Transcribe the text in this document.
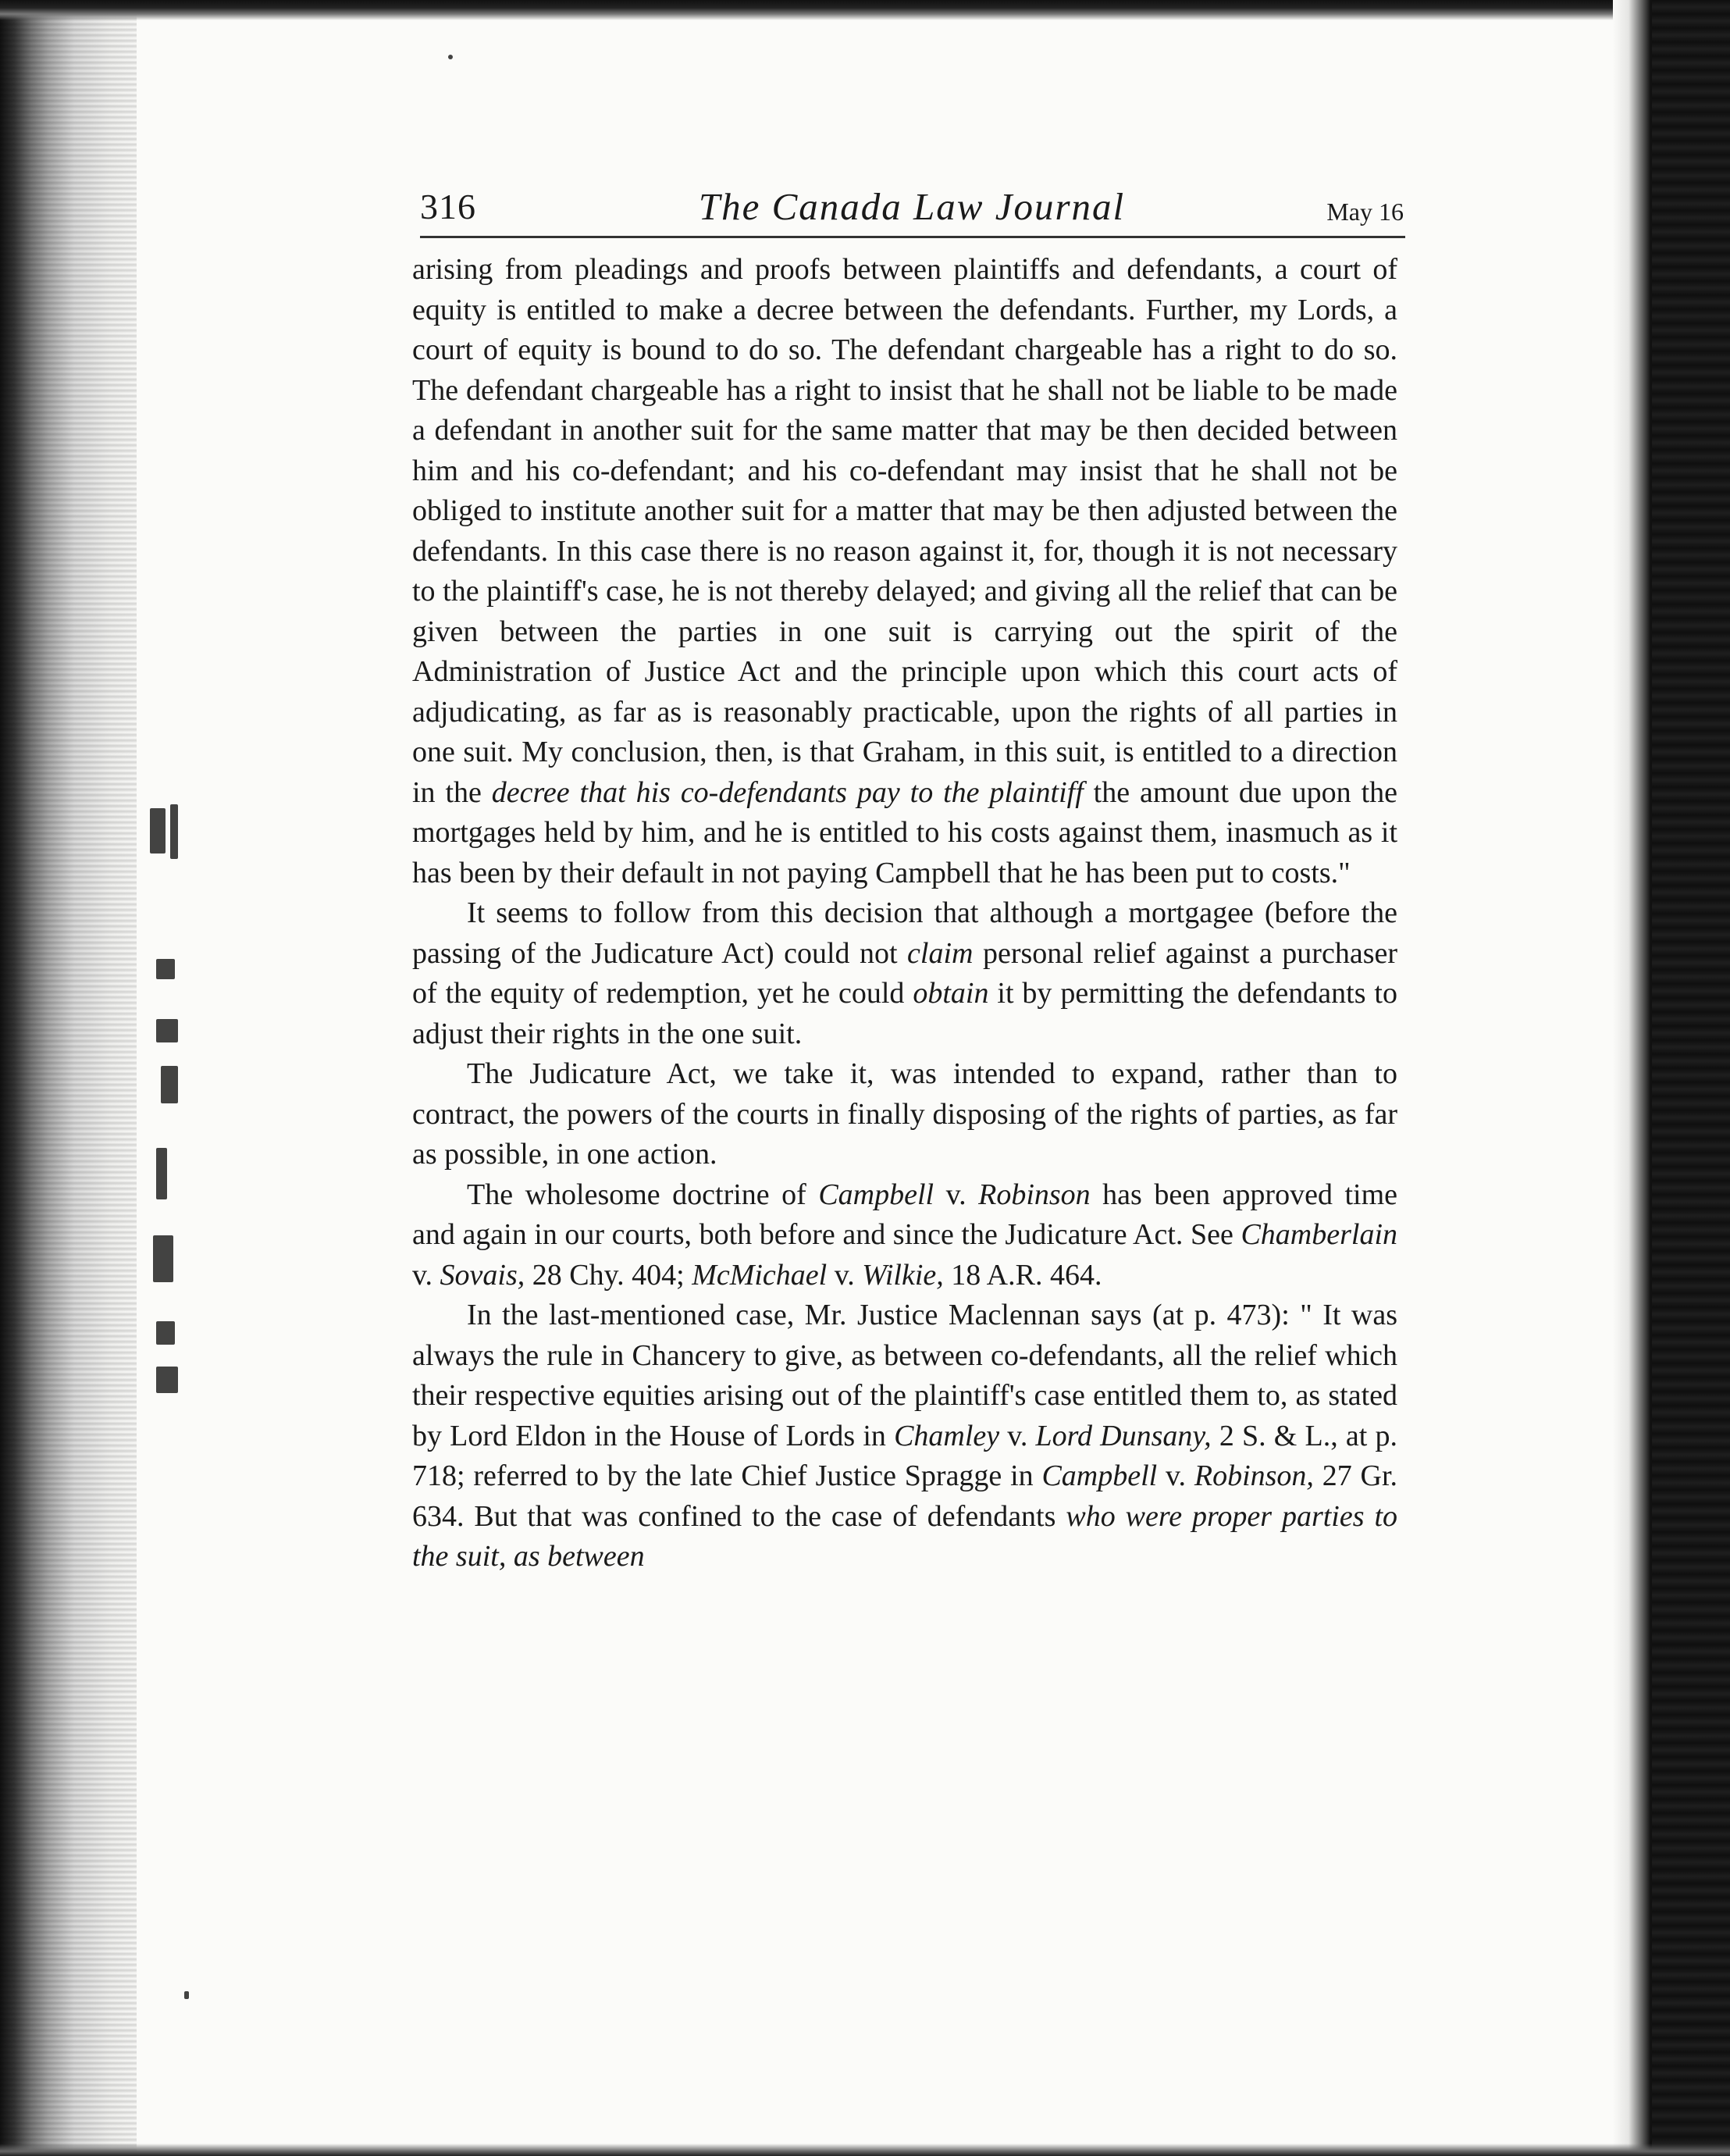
316	The Canada Law Journal	May 16

arising from pleadings and proofs between plaintiffs and defendants, a court of equity is entitled to make a decree between the defendants. Further, my Lords, a court of equity is bound to do so. The defendant chargeable has a right to do so. The defendant chargeable has a right to insist that he shall not be liable to be made a defendant in another suit for the same matter that may be then decided between him and his co-defendant; and his co-defendant may insist that he shall not be obliged to institute another suit for a matter that may be then adjusted between the defendants. In this case there is no reason against it, for, though it is not necessary to the plaintiff's case, he is not thereby delayed; and giving all the relief that can be given between the parties in one suit is carrying out the spirit of the Administration of Justice Act and the principle upon which this court acts of adjudicating, as far as is reasonably practicable, upon the rights of all parties in one suit. My conclusion, then, is that Graham, in this suit, is entitled to a direction in the decree that his co-defendants pay to the plaintiff the amount due upon the mortgages held by him, and he is entitled to his costs against them, inasmuch as it has been by their default in not paying Campbell that he has been put to costs."

It seems to follow from this decision that although a mortgagee (before the passing of the Judicature Act) could not claim personal relief against a purchaser of the equity of redemption, yet he could obtain it by permitting the defendants to adjust their rights in the one suit.

The Judicature Act, we take it, was intended to expand, rather than to contract, the powers of the courts in finally disposing of the rights of parties, as far as possible, in one action.

The wholesome doctrine of Campbell v. Robinson has been approved time and again in our courts, both before and since the Judicature Act. See Chamberlain v. Sovais, 28 Chy. 404; McMichael v. Wilkie, 18 A.R. 464.

In the last-mentioned case, Mr. Justice Maclennan says (at p. 473): " It was always the rule in Chancery to give, as between co-defendants, all the relief which their respective equities arising out of the plaintiff's case entitled them to, as stated by Lord Eldon in the House of Lords in Chamley v. Lord Dunsany, 2 S. & L., at p. 718; referred to by the late Chief Justice Spragge in Campbell v. Robinson, 27 Gr. 634. But that was confined to the case of defendants who were proper parties to the suit, as between
